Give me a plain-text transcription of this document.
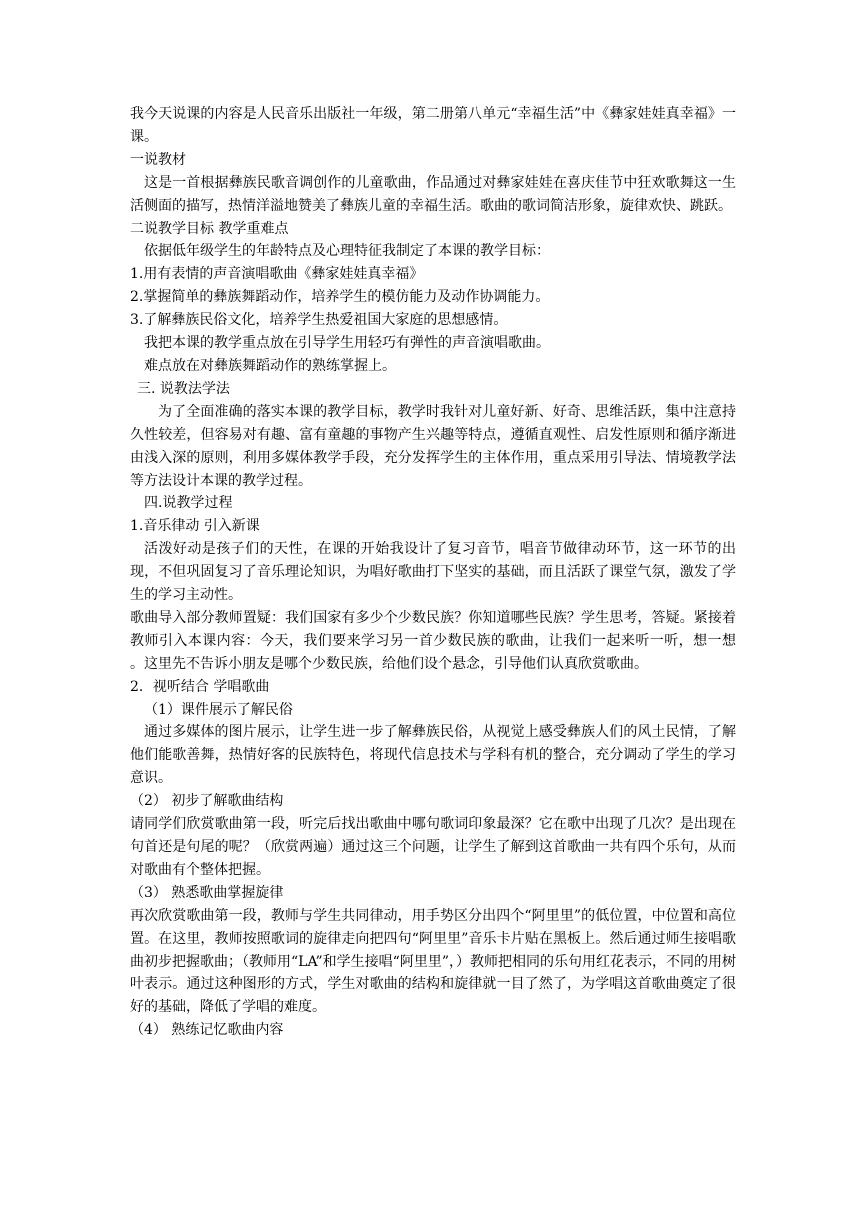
我今天说课的内容是人民音乐出版社一年级，第二册第八单元“幸福生活”中《彝家娃娃真幸福》一课。

一说教材

这是一首根据彝族民歌音调创作的儿童歌曲，作品通过对彝家娃娃在喜庆佳节中狂欢歌舞这一生活侧面的描写，热情洋溢地赞美了彝族儿童的幸福生活。歌曲的歌词简洁形象，旋律欢快、跳跃。

二说教学目标 教学重难点

依据低年级学生的年龄特点及心理特征我制定了本课的教学目标：

1.用有表情的声音演唱歌曲《彝家娃娃真幸福》

2.掌握简单的彝族舞蹈动作，培养学生的模仿能力及动作协调能力。

3.了解彝族民俗文化，培养学生热爱祖国大家庭的思想感情。

我把本课的教学重点放在引导学生用轻巧有弹性的声音演唱歌曲。

难点放在对彝族舞蹈动作的熟练掌握上。

三. 说教法学法

为了全面准确的落实本课的教学目标，教学时我针对儿童好新、好奇、思维活跃，集中注意持久性较差，但容易对有趣、富有童趣的事物产生兴趣等特点，遵循直观性、启发性原则和循序渐进由浅入深的原则，利用多媒体教学手段，充分发挥学生的主体作用，重点采用引导法、情境教学法等方法设计本课的教学过程。

四.说教学过程

1.音乐律动 引入新课

活泼好动是孩子们的天性，在课的开始我设计了复习音节，唱音节做律动环节，这一环节的出现，不但巩固复习了音乐理论知识，为唱好歌曲打下坚实的基础，而且活跃了课堂气氛，激发了学生的学习主动性。

歌曲导入部分教师置疑：我们国家有多少个少数民族？你知道哪些民族？学生思考，答疑。紧接着教师引入本课内容：今天，我们要来学习另一首少数民族的歌曲，让我们一起来听一听，想一想 。这里先不告诉小朋友是哪个少数民族，给他们设个悬念，引导他们认真欣赏歌曲。

2．视听结合 学唱歌曲

（1）课件展示了解民俗

通过多媒体的图片展示，让学生进一步了解彝族民俗，从视觉上感受彝族人们的风土民情，了解他们能歌善舞，热情好客的民族特色，将现代信息技术与学科有机的整合，充分调动了学生的学习意识。

（2） 初步了解歌曲结构

请同学们欣赏歌曲第一段，听完后找出歌曲中哪句歌词印象最深？它在歌中出现了几次？是出现在句首还是句尾的呢？（欣赏两遍）通过这三个问题，让学生了解到这首歌曲一共有四个乐句，从而对歌曲有个整体把握。

（3） 熟悉歌曲掌握旋律

再次欣赏歌曲第一段，教师与学生共同律动，用手势区分出四个“阿里里”的低位置，中位置和高位置。在这里，教师按照歌词的旋律走向把四句“阿里里”音乐卡片贴在黑板上。然后通过师生接唱歌曲初步把握歌曲；（教师用“LA”和学生接唱“阿里里”，）教师把相同的乐句用红花表示，不同的用树叶表示。通过这种图形的方式，学生对歌曲的结构和旋律就一目了然了，为学唱这首歌曲奠定了很好的基础，降低了学唱的难度。

（4） 熟练记忆歌曲内容
